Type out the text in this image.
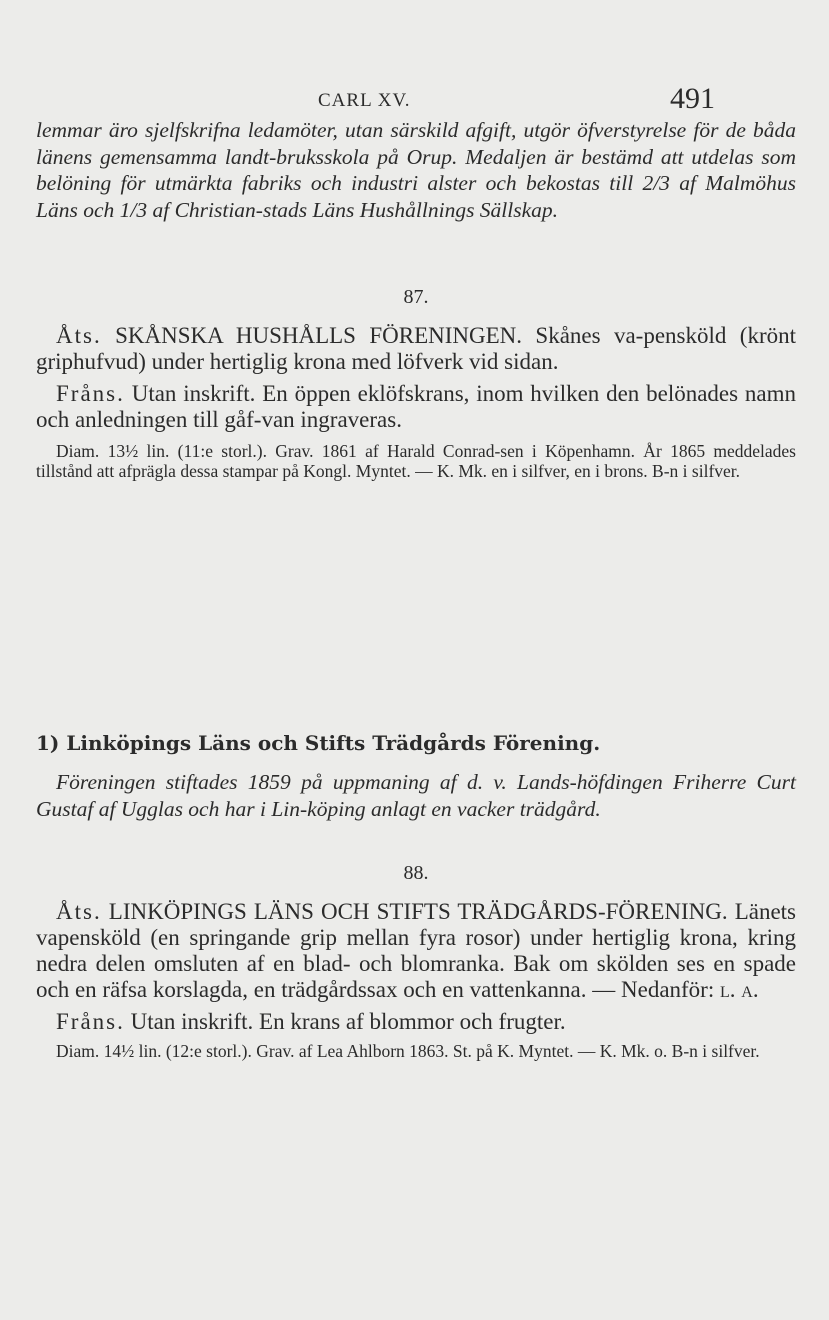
CARL XV.	491

lemmar äro sjelfskrifna ledamöter, utan särskild afgift, utgör öfverstyrelse för de båda länens gemensamma landt-bruksskola på Orup. Medaljen är bestämd att utdelas som belöning för utmärkta fabriks och industri alster och bekostas till 2/3 af Malmöhus Läns och 1/3 af Christian-stads Läns Hushållnings Sällskap.

87.

Åts. SKÅNSKA HUSHÅLLS FÖRENINGEN. Skånes va-pensköld (krönt griphufvud) under hertiglig krona med löfverk vid sidan.

Fråns. Utan inskrift. En öppen eklöfskrans, inom hvilken den belönades namn och anledningen till gåf-van ingraveras.

Diam. 13½ lin. (11:e storl.). Grav. 1861 af Harald Conrad-sen i Köpenhamn. År 1865 meddelades tillstånd att afprägla dessa stampar på Kongl. Myntet. — K. Mk. en i silfver, en i brons. B-n i silfver.

1) Linköpings Läns och Stifts Trädgårds Förening.

Föreningen stiftades 1859 på uppmaning af d. v. Lands-höfdingen Friherre Curt Gustaf af Ugglas och har i Lin-köping anlagt en vacker trädgård.

88.

Åts. LINKÖPINGS LÄNS OCH STIFTS TRÄDGÅRDS-FÖRENING. Länets vapensköld (en springande grip mellan fyra rosor) under hertiglig krona, kring nedra delen omsluten af en blad- och blomranka. Bak om skölden ses en spade och en räfsa korslagda, en trädgårdssax och en vattenkanna. — Nedanför: l. a.

Fråns. Utan inskrift. En krans af blommor och frugter.

Diam. 14½ lin. (12:e storl.). Grav. af Lea Ahlborn 1863. St. på K. Myntet. — K. Mk. o. B-n i silfver.
